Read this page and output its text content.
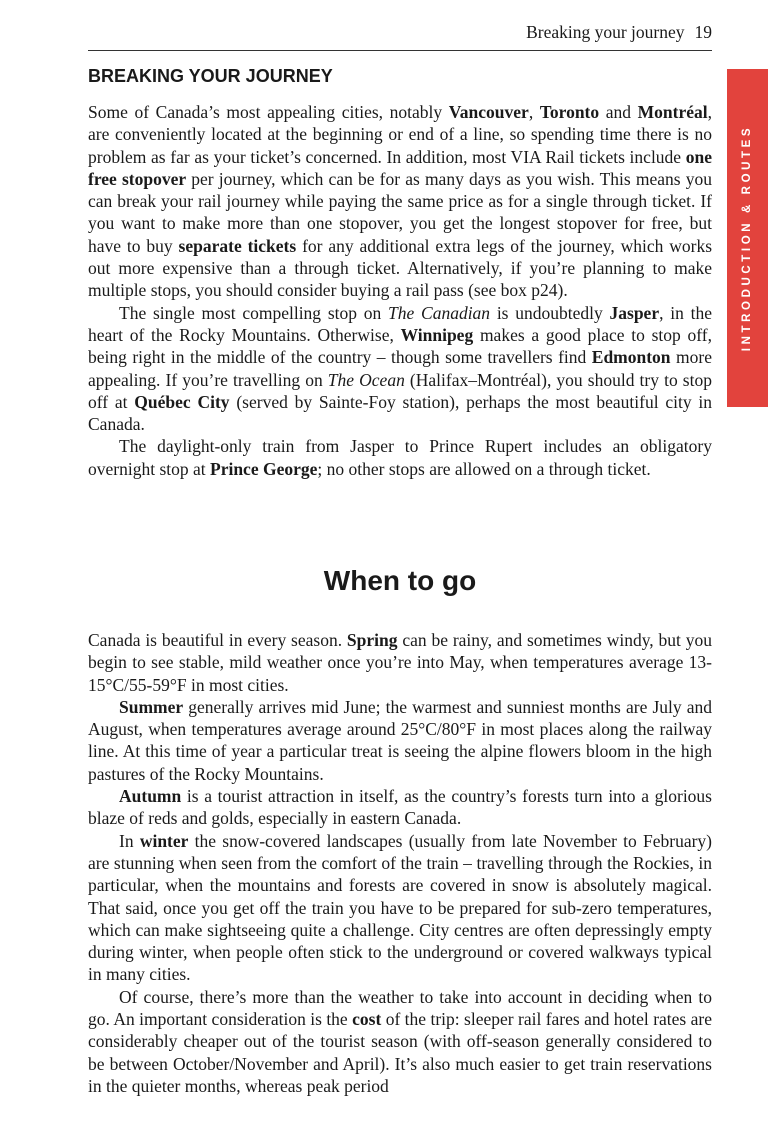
Breaking your journey 19
INTRODUCTION & ROUTES
BREAKING YOUR JOURNEY

Some of Canada’s most appealing cities, notably Vancouver, Toronto and Montréal, are conveniently located at the beginning or end of a line, so spending time there is no problem as far as your ticket’s concerned. In addition, most VIA Rail tickets include one free stopover per journey, which can be for as many days as you wish. This means you can break your rail journey while paying the same price as for a single through ticket. If you want to make more than one stopover, you get the longest stopover for free, but have to buy separate tickets for any additional extra legs of the journey, which works out more expensive than a through ticket. Alternatively, if you’re planning to make multiple stops, you should consider buying a rail pass (see box p24).

The single most compelling stop on The Canadian is undoubtedly Jasper, in the heart of the Rocky Mountains. Otherwise, Winnipeg makes a good place to stop off, being right in the middle of the country – though some travellers find Edmonton more appealing. If you’re travelling on The Ocean (Halifax–Montréal), you should try to stop off at Québec City (served by Sainte-Foy station), perhaps the most beautiful city in Canada.

The daylight-only train from Jasper to Prince Rupert includes an obligatory overnight stop at Prince George; no other stops are allowed on a through ticket.

When to go

Canada is beautiful in every season. Spring can be rainy, and sometimes windy, but you begin to see stable, mild weather once you’re into May, when temperatures average 13-15°C/55-59°F in most cities.

Summer generally arrives mid June; the warmest and sunniest months are July and August, when temperatures average around 25°C/80°F in most places along the railway line. At this time of year a particular treat is seeing the alpine flowers bloom in the high pastures of the Rocky Mountains.

Autumn is a tourist attraction in itself, as the country’s forests turn into a glorious blaze of reds and golds, especially in eastern Canada.

In winter the snow-covered landscapes (usually from late November to February) are stunning when seen from the comfort of the train – travelling through the Rockies, in particular, when the mountains and forests are covered in snow is absolutely magical. That said, once you get off the train you have to be prepared for sub-zero temperatures, which can make sightseeing quite a challenge. City centres are often depressingly empty during winter, when people often stick to the underground or covered walkways typical in many cities.

Of course, there’s more than the weather to take into account in deciding when to go. An important consideration is the cost of the trip: sleeper rail fares and hotel rates are considerably cheaper out of the tourist season (with off-season generally considered to be between October/November and April). It’s also much easier to get train reservations in the quieter months, whereas peak period
